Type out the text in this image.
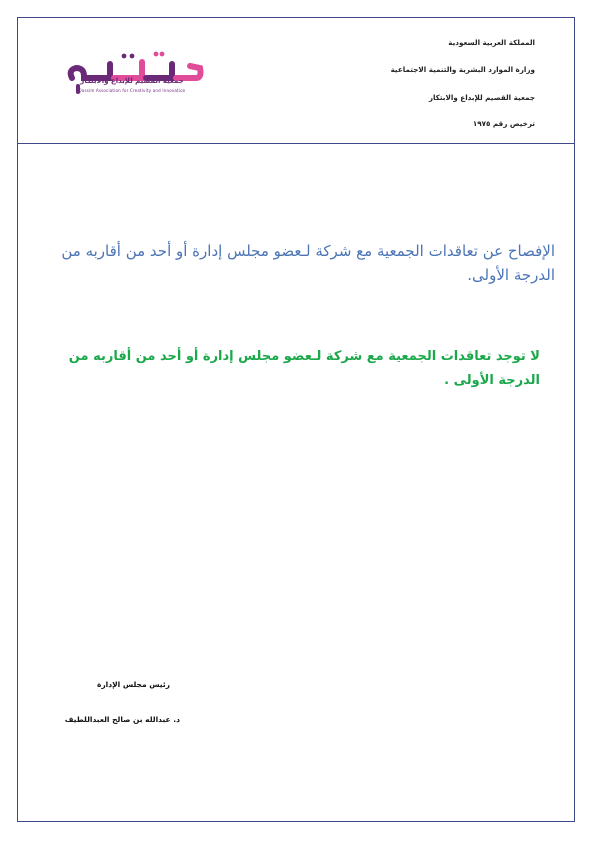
المملكة العربية السعودية
وزارة الموارد البشرية والتنمية الاجتماعية
جمعية القصيم للإبداع والابتكار
ترخيص رقم ١٩٧٥
مبتكر
جمعية القصيم للإبداع والابتكار
Qassim Association for Creativity and Innovation
الإفصاح عن تعاقدات الجمعية مع شركة لـعضو مجلس إدارة أو أحد من أقاربه من الدرجة الأولى.
لا توجد تعاقدات الجمعية مع شركة لـعضو مجلس إدارة أو أحد من أقاربه من الدرجة الأولى .
رئيس مجلس الإدارة
د. عبدالله بن صالح العبداللطيف
